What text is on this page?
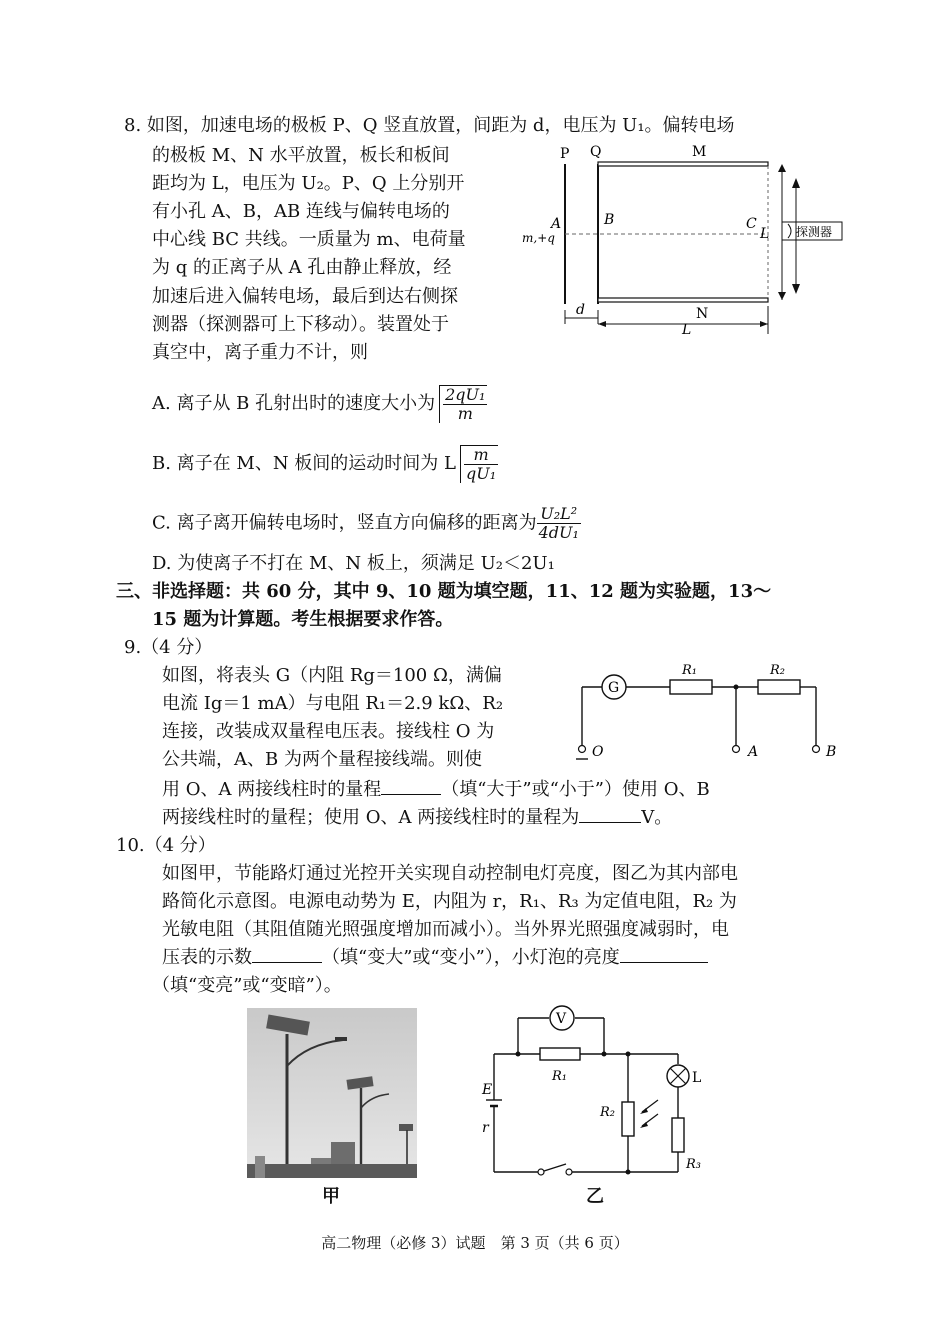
8. 如图，加速电场的极板 P、Q 竖直放置，间距为 d，电压为 U₁。偏转电场
的极板 M、N 水平放置，板长和板间
距均为 L，电压为 U₂。P、Q 上分别开
有小孔 A、B，AB 连线与偏转电场的
中心线 BC 共线。一质量为 m、电荷量
为 q 的正离子从 A 孔由静止释放，经
加速后进入偏转电场，最后到达右侧探
测器（探测器可上下移动）。装置处于
真空中，离子重力不计，则
P Q	M
N
A	B	C
L
L
d
m,+q	探测器
A. 离子从 B 孔射出时的速度大小为 $\frac{\text{2qU₁}}{m}$
B. 离子在 M、N 板间的运动时间为 L $\frac{m}{\text{qU₁}}$
C. 离子离开偏转电场时，竖直方向偏移的距离为 $\frac{\text{U₂L²}}{\text{4dU₁}}$
D. 为使离子不打在 M、N 板上，须满足 U₂＜2U₁
三、非选择题：共 60 分，其中 9、10 题为填空题，11、12 题为实验题，13～
15 题为计算题。考生根据要求作答。
9.（4 分）
如图，将表头 G（内阻 Rg＝100 Ω，满偏
电流 Ig＝1 mA）与电阻 R₁＝2.9 kΩ、R₂
连接，改装成双量程电压表。接线柱 O 为
公共端，A、B 为两个量程接线端。则使
用 O、A 两接线柱时的量程	（填“大于”或“小于”）使用 O、B
两接线柱时的量程；使用 O、A 两接线柱时的量程为	V。
G
R₁	R₂
O	A	B
10.（4 分）
如图甲，节能路灯通过光控开关实现自动控制电灯亮度，图乙为其内部电
路简化示意图。电源电动势为 E，内阻为 r，R₁、R₃ 为定值电阻，R₂ 为
光敏电阻（其阻值随光照强度增加而减小）。当外界光照强度减弱时，电
压表的示数	（填“变大”或“变小”），小灯泡的亮度
（填“变亮”或“变暗”）。
甲
V
R₁
E
r
R₂
L
R₃
乙
高二物理（必修 3）试题　第 3 页（共 6 页）
